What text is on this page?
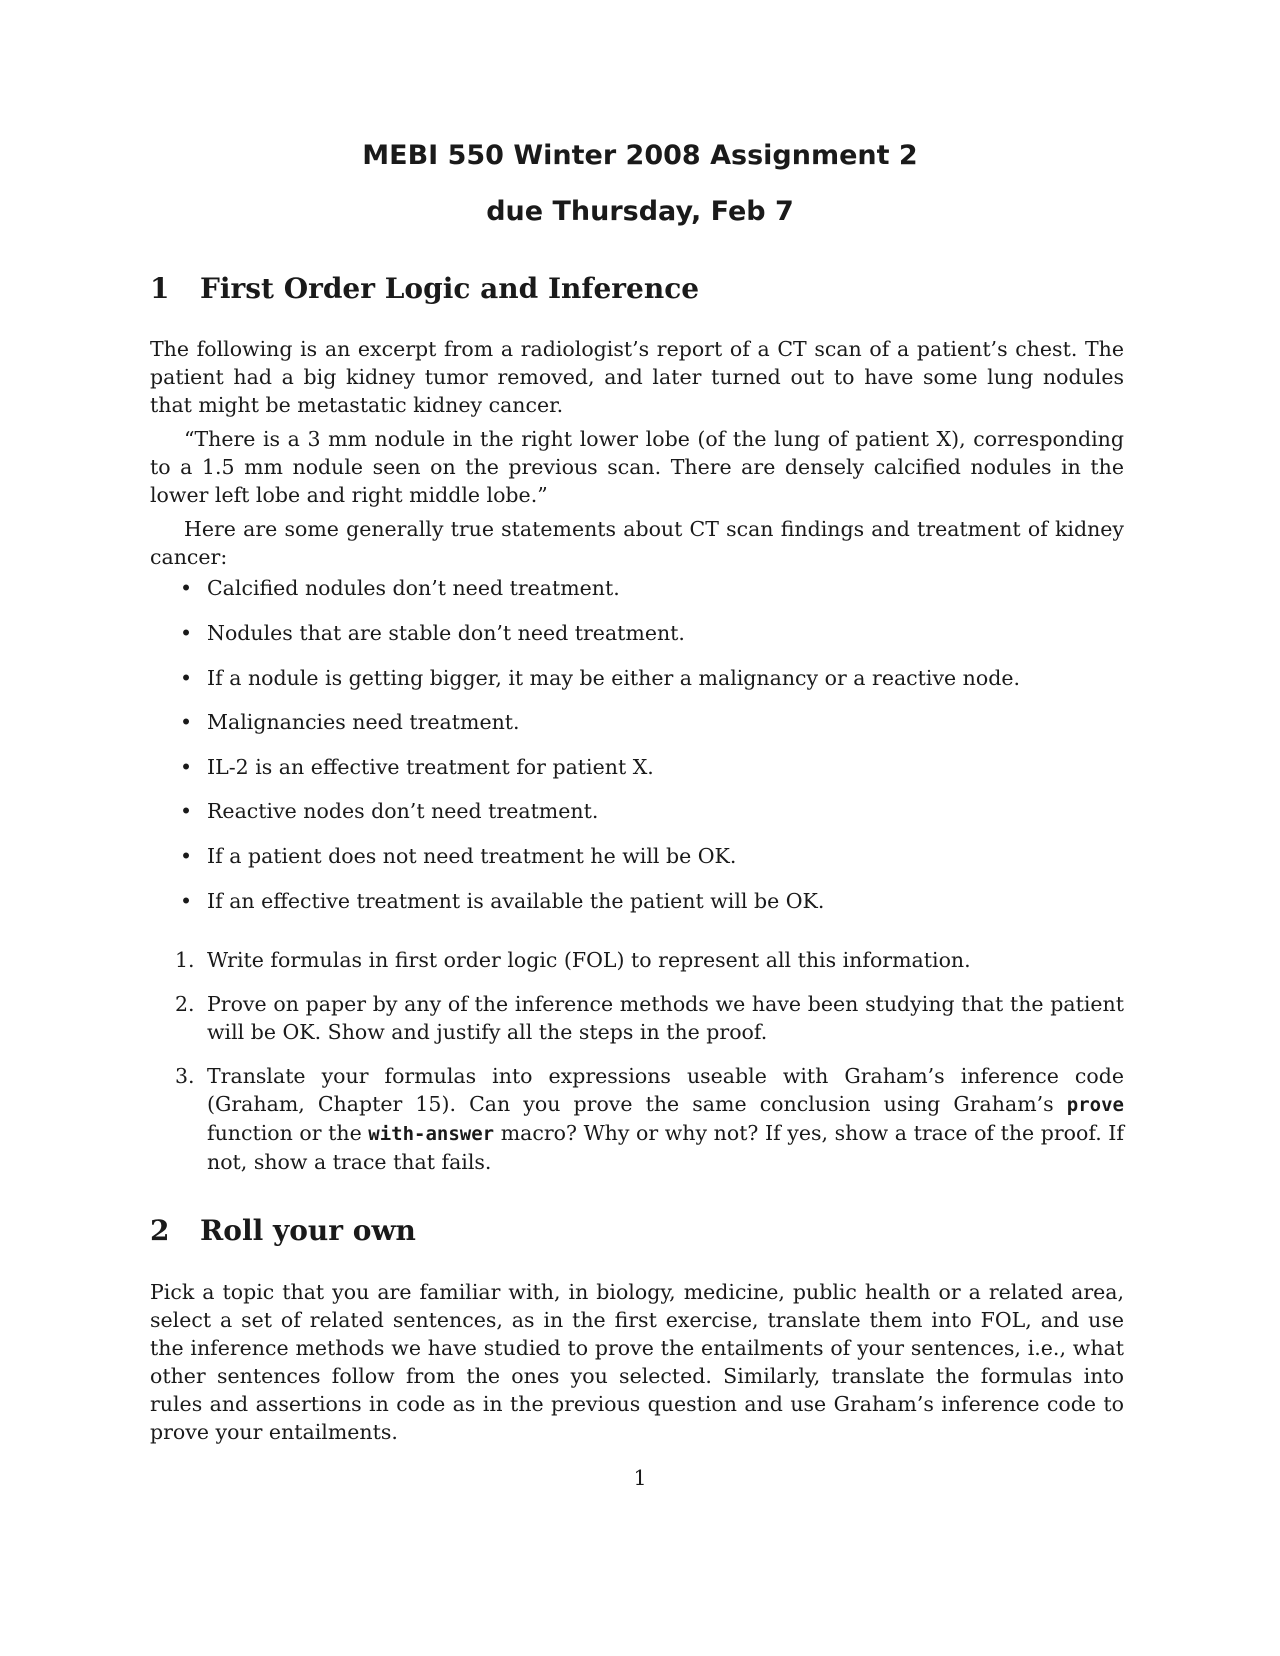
MEBI 550 Winter 2008 Assignment 2
due Thursday, Feb 7
1 First Order Logic and Inference
The following is an excerpt from a radiologist’s report of a CT scan of a patient’s chest. The patient had a big kidney tumor removed, and later turned out to have some lung nodules that might be metastatic kidney cancer.
“There is a 3 mm nodule in the right lower lobe (of the lung of patient X), corresponding to a 1.5 mm nodule seen on the previous scan. There are densely calcified nodules in the lower left lobe and right middle lobe.”
Here are some generally true statements about CT scan findings and treatment of kidney cancer:
• Calcified nodules don’t need treatment.
• Nodules that are stable don’t need treatment.
• If a nodule is getting bigger, it may be either a malignancy or a reactive node.
• Malignancies need treatment.
• IL-2 is an effective treatment for patient X.
• Reactive nodes don’t need treatment.
• If a patient does not need treatment he will be OK.
• If an effective treatment is available the patient will be OK.
1. Write formulas in first order logic (FOL) to represent all this information.
2. Prove on paper by any of the inference methods we have been studying that the patient will be OK. Show and justify all the steps in the proof.
3. Translate your formulas into expressions useable with Graham’s inference code (Graham, Chapter 15). Can you prove the same conclusion using Graham’s prove function or the with-answer macro? Why or why not? If yes, show a trace of the proof. If not, show a trace that fails.
2 Roll your own
Pick a topic that you are familiar with, in biology, medicine, public health or a related area, select a set of related sentences, as in the first exercise, translate them into FOL, and use the inference methods we have studied to prove the entailments of your sentences, i.e., what other sentences follow from the ones you selected. Similarly, translate the formulas into rules and assertions in code as in the previous question and use Graham’s inference code to prove your entailments.
1
